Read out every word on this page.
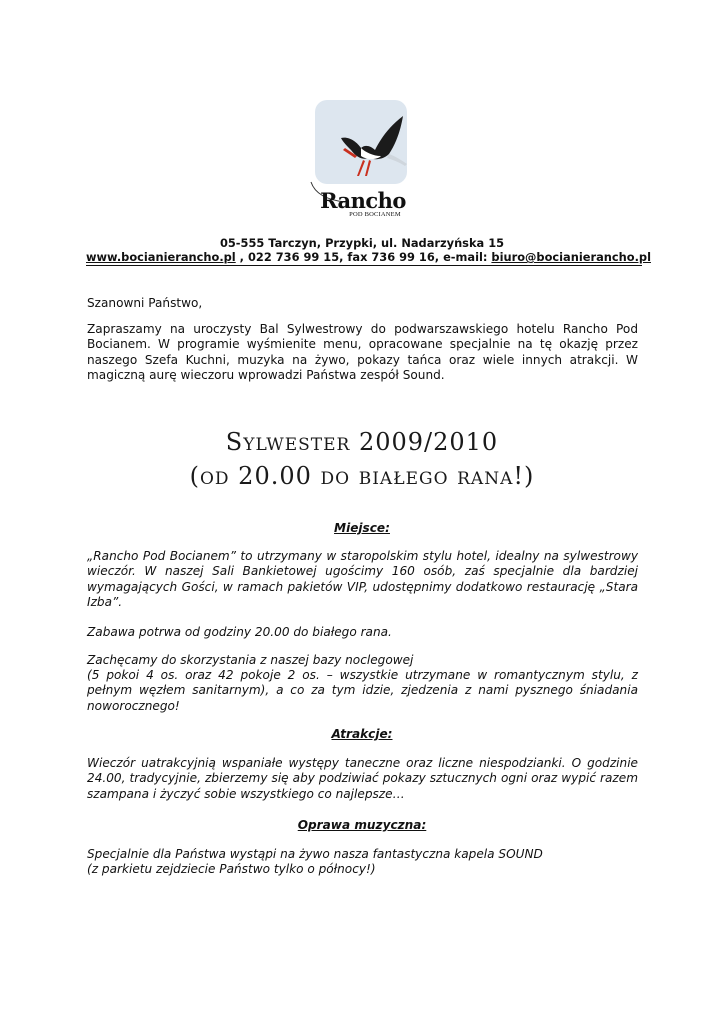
Rancho
POD BOCIANEM
05-555 Tarczyn, Przypki, ul. Nadarzyńska 15
www.bocianierancho.pl , 022 736 99 15, fax 736 99 16, e-mail: biuro@bocianierancho.pl
Szanowni Państwo,
Zapraszamy na uroczysty Bal Sylwestrowy do podwarszawskiego hotelu Rancho Pod Bocianem. W programie wyśmienite menu, opracowane specjalnie na tę okazję przez naszego Szefa Kuchni, muzyka na żywo, pokazy tańca oraz wiele innych atrakcji. W magiczną aurę wieczoru wprowadzi Państwa zespół Sound.
Sylwester 2009/2010
(od 20.00 do białego rana!)
Miejsce:
„Rancho Pod Bocianem” to utrzymany w staropolskim stylu hotel, idealny na sylwestrowy wieczór. W naszej Sali Bankietowej ugościmy 160 osób, zaś specjalnie dla bardziej wymagających Gości, w ramach pakietów VIP, udostępnimy dodatkowo restaurację „Stara Izba”.
Zabawa potrwa od godziny 20.00 do białego rana.
Zachęcamy do skorzystania z naszej bazy noclegowej
(5 pokoi 4 os. oraz 42 pokoje 2 os. – wszystkie utrzymane w romantycznym stylu, z pełnym węzłem sanitarnym), a co za tym idzie, zjedzenia z nami pysznego śniadania noworocznego!
Atrakcje:
Wieczór uatrakcyjnią wspaniałe występy taneczne oraz liczne niespodzianki. O godzinie 24.00, tradycyjnie, zbierzemy się aby podziwiać pokazy sztucznych ogni oraz wypić razem szampana i życzyć sobie wszystkiego co najlepsze…
Oprawa muzyczna:
Specjalnie dla Państwa wystąpi na żywo nasza fantastyczna kapela SOUND
(z parkietu zejdziecie Państwo tylko o północy!)
